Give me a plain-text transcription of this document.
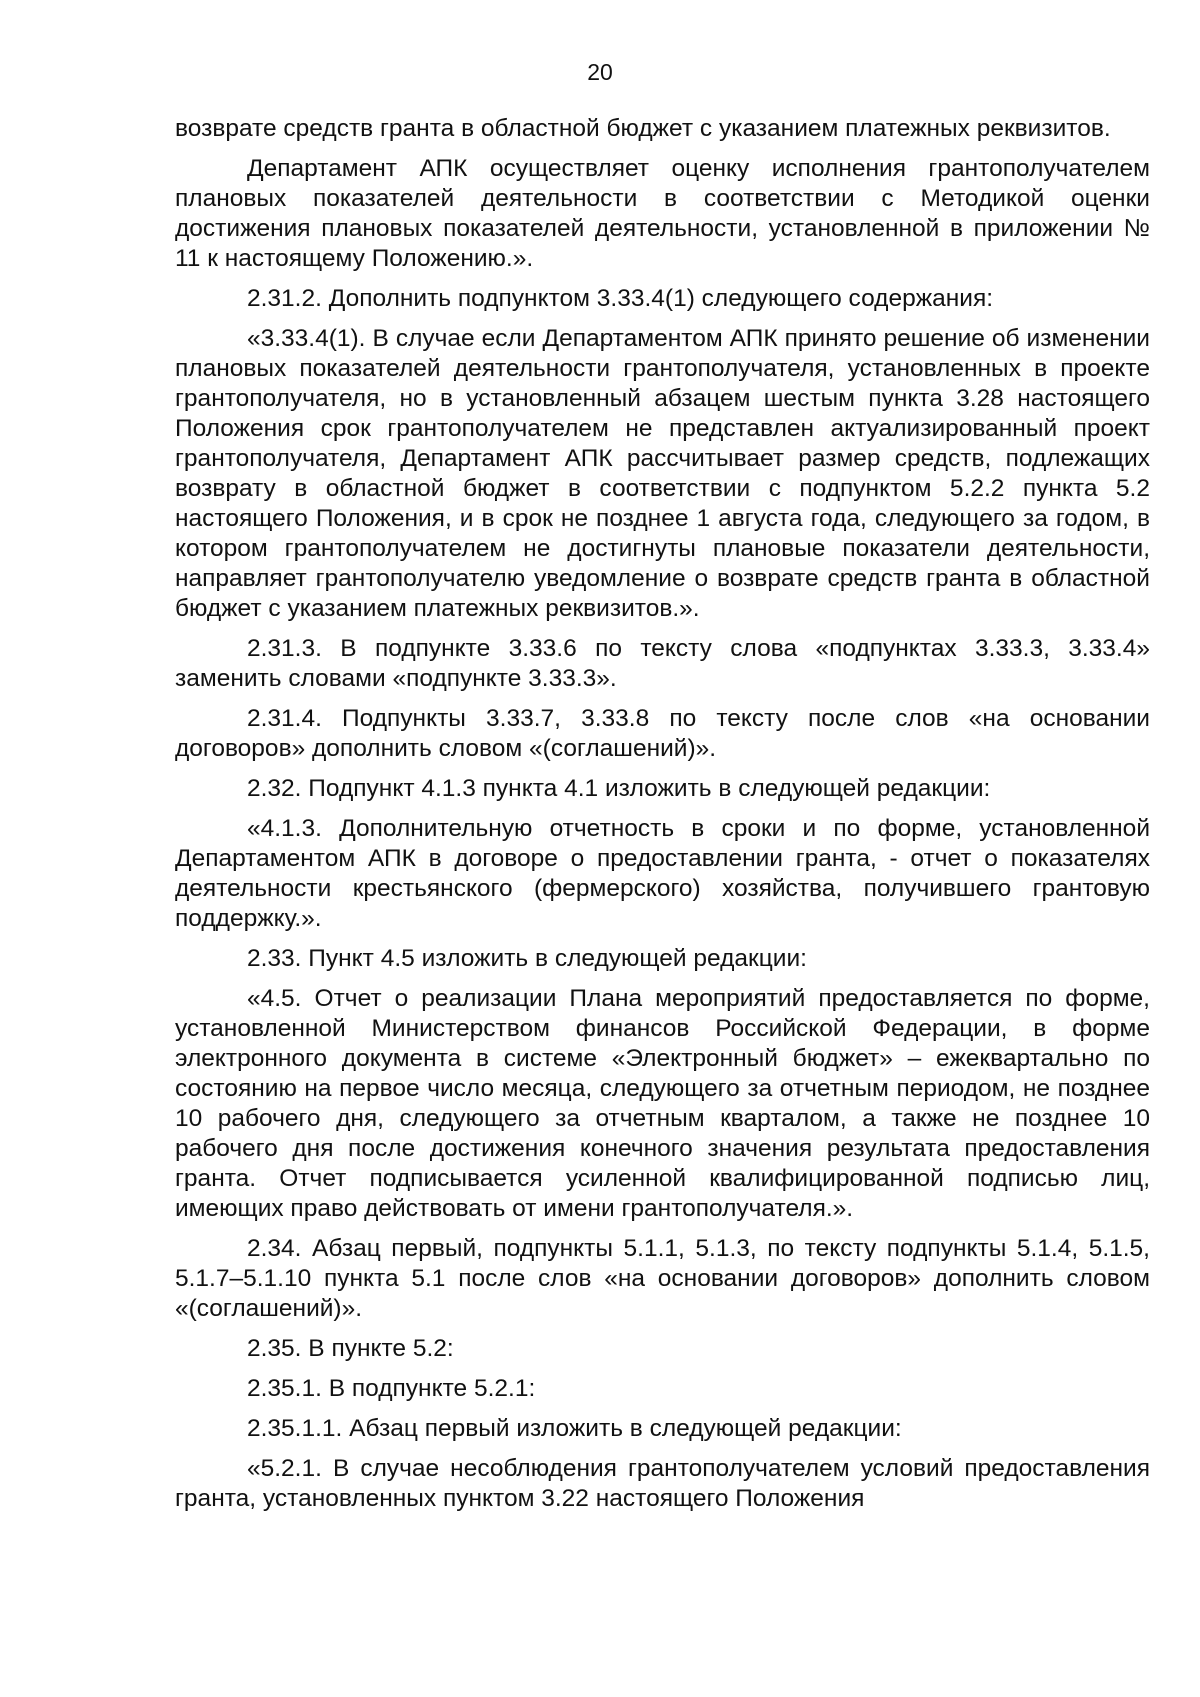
20

возврате средств гранта в областной бюджет с указанием платежных реквизитов.

Департамент АПК осуществляет оценку исполнения грантополучателем плановых показателей деятельности в соответствии с Методикой оценки достижения плановых показателей деятельности, установленной в приложении № 11 к настоящему Положению.».

2.31.2. Дополнить подпунктом 3.33.4(1) следующего содержания:

«3.33.4(1). В случае если Департаментом АПК принято решение об изменении плановых показателей деятельности грантополучателя, установленных в проекте грантополучателя, но в установленный абзацем шестым пункта 3.28 настоящего Положения срок грантополучателем не представлен актуализированный проект грантополучателя, Департамент АПК рассчитывает размер средств, подлежащих возврату в областной бюджет в соответствии с подпунктом 5.2.2 пункта 5.2 настоящего Положения, и в срок не позднее 1 августа года, следующего за годом, в котором грантополучателем не достигнуты плановые показатели деятельности, направляет грантополучателю уведомление о возврате средств гранта в областной бюджет с указанием платежных реквизитов.».

2.31.3. В подпункте 3.33.6 по тексту слова «подпунктах 3.33.3, 3.33.4» заменить словами «подпункте 3.33.3».

2.31.4. Подпункты 3.33.7, 3.33.8 по тексту после слов «на основании договоров» дополнить словом «(соглашений)».

2.32. Подпункт 4.1.3 пункта 4.1 изложить в следующей редакции:

«4.1.3. Дополнительную отчетность в сроки и по форме, установленной Департаментом АПК в договоре о предоставлении гранта, - отчет о показателях деятельности крестьянского (фермерского) хозяйства, получившего грантовую поддержку.».

2.33. Пункт 4.5 изложить в следующей редакции:

«4.5. Отчет о реализации Плана мероприятий предоставляется по форме, установленной Министерством финансов Российской Федерации, в форме электронного документа в системе «Электронный бюджет» – ежеквартально по состоянию на первое число месяца, следующего за отчетным периодом, не позднее 10 рабочего дня, следующего за отчетным кварталом, а также не позднее 10 рабочего дня после достижения конечного значения результата предоставления гранта. Отчет подписывается усиленной квалифицированной подписью лиц, имеющих право действовать от имени грантополучателя.».

2.34. Абзац первый, подпункты 5.1.1, 5.1.3, по тексту подпункты 5.1.4, 5.1.5, 5.1.7–5.1.10 пункта 5.1 после слов «на основании договоров» дополнить словом «(соглашений)».

2.35. В пункте 5.2:

2.35.1. В подпункте 5.2.1:

2.35.1.1. Абзац первый изложить в следующей редакции:

«5.2.1. В случае несоблюдения грантополучателем условий предоставления гранта, установленных пунктом 3.22 настоящего Положения
